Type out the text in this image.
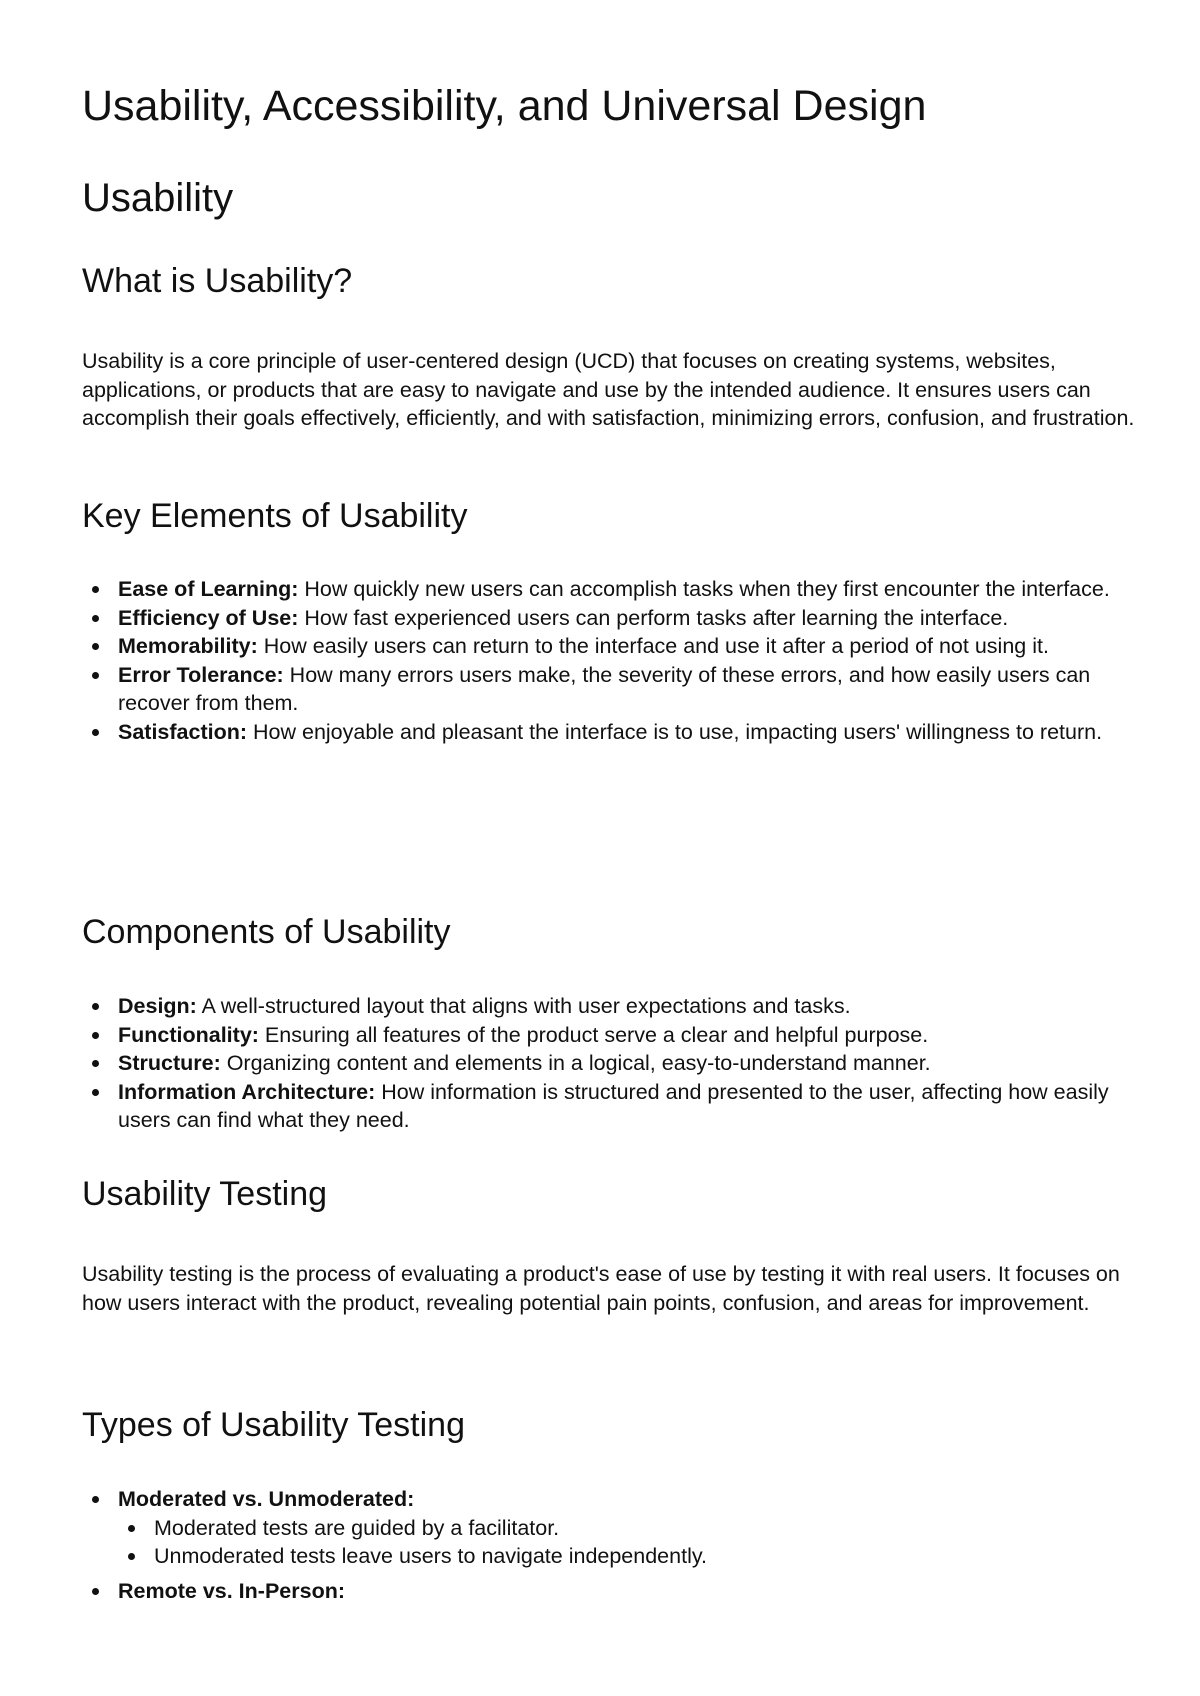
Usability, Accessibility, and Universal Design
Usability
What is Usability?

Usability is a core principle of user-centered design (UCD) that focuses on creating systems, websites, applications, or products that are easy to navigate and use by the intended audience. It ensures users can accomplish their goals effectively, efficiently, and with satisfaction, minimizing errors, confusion, and frustration.

Key Elements of Usability
Ease of Learning: How quickly new users can accomplish tasks when they first encounter the interface.
Efficiency of Use: How fast experienced users can perform tasks after learning the interface.
Memorability: How easily users can return to the interface and use it after a period of not using it.
Error Tolerance: How many errors users make, the severity of these errors, and how easily users can recover from them.
Satisfaction: How enjoyable and pleasant the interface is to use, impacting users' willingness to return.
Components of Usability
Design: A well-structured layout that aligns with user expectations and tasks.
Functionality: Ensuring all features of the product serve a clear and helpful purpose.
Structure: Organizing content and elements in a logical, easy-to-understand manner.
Information Architecture: How information is structured and presented to the user, affecting how easily users can find what they need.
Usability Testing

Usability testing is the process of evaluating a product's ease of use by testing it with real users. It focuses on how users interact with the product, revealing potential pain points, confusion, and areas for improvement.

Types of Usability Testing
Moderated vs. Unmoderated:
Moderated tests are guided by a facilitator.
Unmoderated tests leave users to navigate independently.
Remote vs. In-Person:
